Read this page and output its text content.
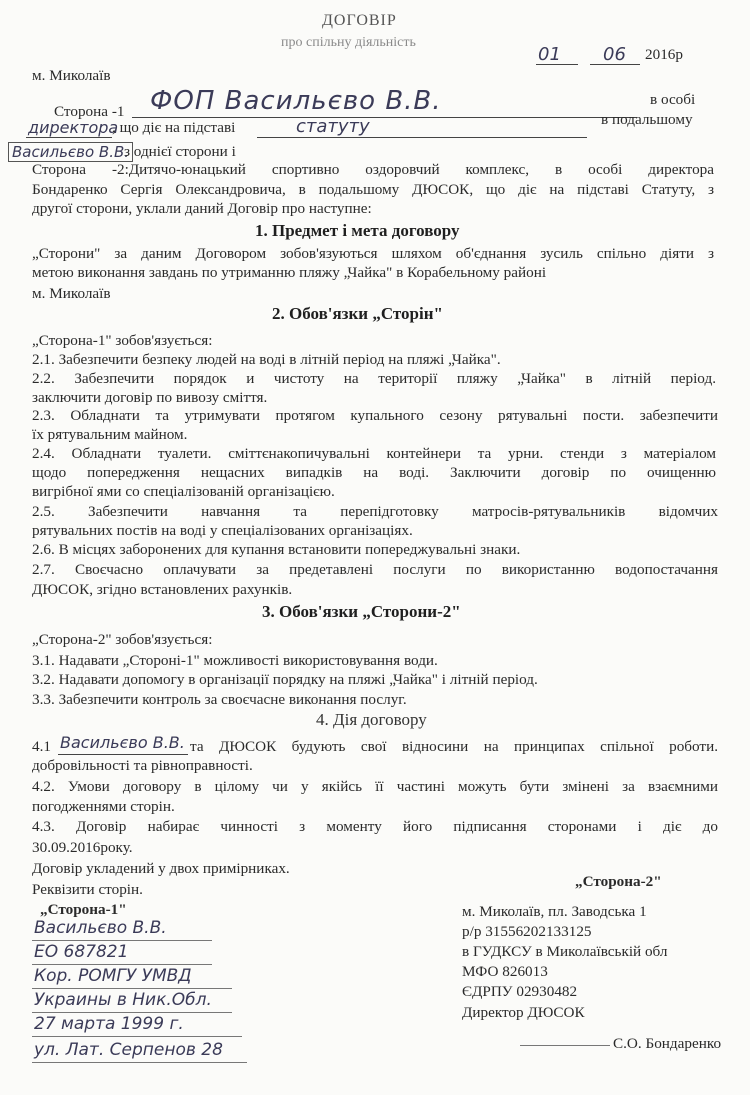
ДОГОВІР
про спільну діяльність
м. Миколаїв
01 06 2016р
Сторона -1 ФОП Васильєво В.В.	в особі
директора
, що діє на підставі	статуту	в подальшому
Васильєво В.В.
з однієї сторони і
Сторона -2:Дитячо-юнацький спортивно оздоровчий комплекс, в особі директора
Бондаренко Сергія Олександровича, в подальшому ДЮСОК, що діє на підставі Статуту, з
другої сторони, уклали даний Договір про наступне:
1. Предмет і мета договору
„Сторони" за даним Договором зобов'язуються шляхом об'єднання зусиль спільно діяти з
метою виконання завдань по утриманню пляжу „Чайка" в Корабельному районі
м. Миколаїв
2. Обов'язки „Сторін"
„Сторона-1" зобов'язується:
2.1. Забезпечити безпеку людей на воді в літній період на пляжі „Чайка".
2.2. Забезпечити порядок и чистоту на території пляжу „Чайка" в літній період.
заключити договір по вивозу сміття.
2.3. Обладнати та утримувати протягом купального сезону рятувальні пости. забезпечити
їх рятувальним майном.
2.4. Обладнати туалети. сміттєнакопичувальні контейнери та урни. стенди з матеріалом
щодо попередження нещасних випадків на воді. Заключити договір по очищенню
вигрібної ями со спеціалізованій організацією.
2.5. Забезпечити навчання та перепідготовку матросів-рятувальників відомчих
рятувальних постів на воді у спеціалізованих організаціях.
2.6. В місцях заборонених для купання встановити попереджувальні знаки.
2.7. Своєчасно оплачувати за предетавлені послуги по використанню водопостачання
ДЮСОК, згідно встановлених рахунків.
3. Обов'язки „Сторони-2"
„Сторона-2" зобов'язується:
3.1. Надавати „Стороні-1" можливості використовування води.
3.2. Надавати допомогу в організації порядку на пляжі „Чайка" і літній період.
3.3. Забезпечити контроль за своєчасне виконання послуг.
4. Дія договору
4.1 Васильєво В.В. та ДЮСОК будують свої відносини на принципах спільної роботи.
добровільності та рівноправності.
4.2. Умови договору в цілому чи у якійсь її частині можуть бути змінені за взаємними
погодженнями сторін.
4.3. Договір набирає чинності з моменту його підписання сторонами і діє до
30.09.2016року.
Договір укладений у двох примірниках.
Реквізити сторін.
„Сторона-1"
Васильєво В.В.
ЕО 687821
Кор. РОМГУ УМВД
Украины в Ник.Обл.
27 марта 1999 г.
ул. Лат. Серпенов 28
„Сторона-2"
м. Миколаїв, пл. Заводська 1
р/р 31556202133125
в ГУДКСУ в Миколаївській обл
МФО 826013
ЄДРПУ 02930482
Директор ДЮСОК
С.О. Бондаренко
